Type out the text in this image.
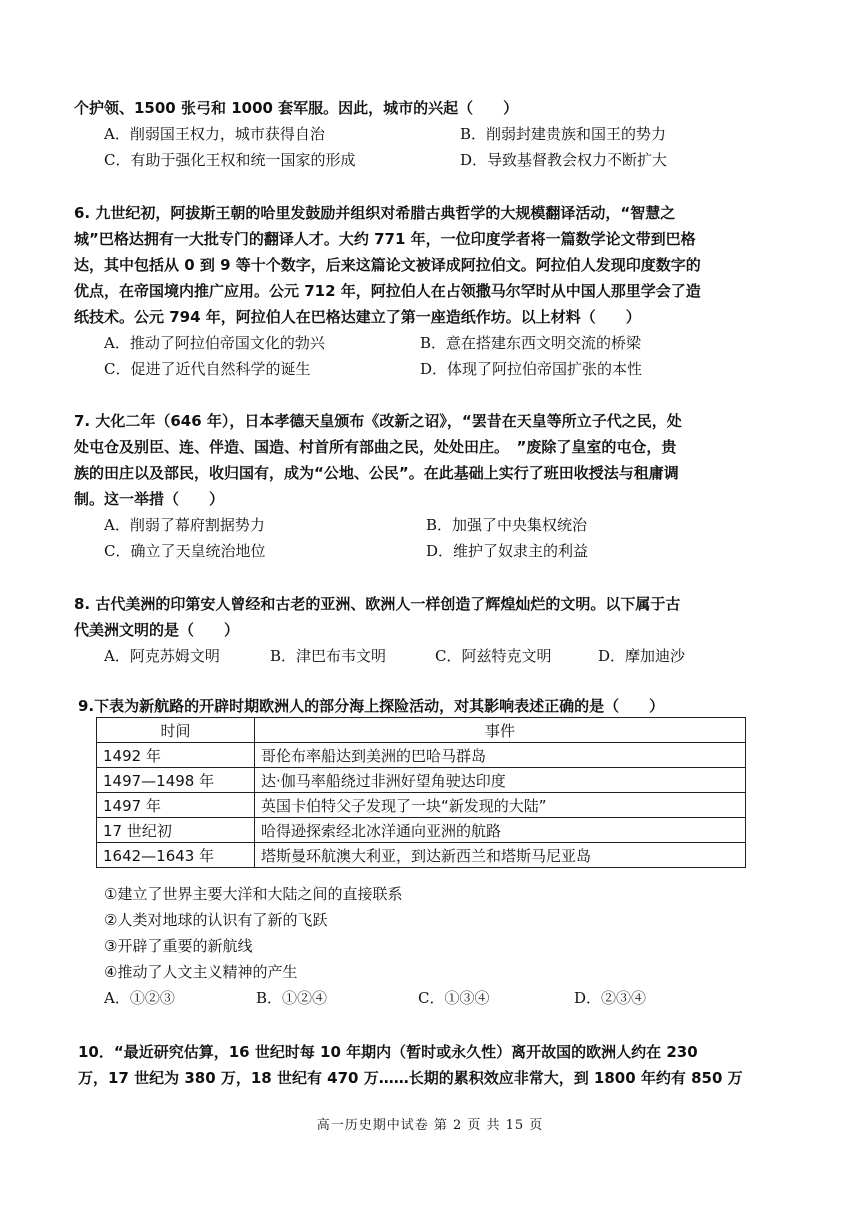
个护领、1500 张弓和 1000 套军服。因此，城市的兴起（　　）
A．削弱国王权力，城市获得自治	B．削弱封建贵族和国王的势力
C．有助于强化王权和统一国家的形成	D．导致基督教会权力不断扩大
6. 九世纪初，阿拔斯王朝的哈里发鼓励并组织对希腊古典哲学的大规模翻译活动，“智慧之
城”巴格达拥有一大批专门的翻译人才。大约 771 年，一位印度学者将一篇数学论文带到巴格
达，其中包括从 0 到 9 等十个数字，后来这篇论文被译成阿拉伯文。阿拉伯人发现印度数字的
优点，在帝国境内推广应用。公元 712 年，阿拉伯人在占领撒马尔罕时从中国人那里学会了造
纸技术。公元 794 年，阿拉伯人在巴格达建立了第一座造纸作坊。以上材料（　　）
A．推动了阿拉伯帝国文化的勃兴	B．意在搭建东西文明交流的桥梁
C．促进了近代自然科学的诞生	D．体现了阿拉伯帝国扩张的本性
7. 大化二年（646 年），日本孝德天皇颁布《改新之诏》，“罢昔在天皇等所立子代之民，处
处屯仓及别臣、连、伴造、国造、村首所有部曲之民，处处田庄。　”废除了皇室的屯仓，贵
族的田庄以及部民，收归国有，成为“公地、公民”。在此基础上实行了班田收授法与租庸调
制。这一举措（　　）
A．削弱了幕府割据势力	B．加强了中央集权统治
C．确立了天皇统治地位	D．维护了奴隶主的利益
8. 古代美洲的印第安人曾经和古老的亚洲、欧洲人一样创造了辉煌灿烂的文明。以下属于古
代美洲文明的是（　　）
A．阿克苏姆文明	B．津巴布韦文明	C．阿兹特克文明	D．摩加迪沙
9.下表为新航路的开辟时期欧洲人的部分海上探险活动，对其影响表述正确的是（　　）
时间	事件
1492 年	哥伦布率船达到美洲的巴哈马群岛
1497—1498 年	达·伽马率船绕过非洲好望角驶达印度
1497 年	英国卡伯特父子发现了一块“新发现的大陆”
17 世纪初	哈得逊探索经北冰洋通向亚洲的航路
1642—1643 年	塔斯曼环航澳大利亚，到达新西兰和塔斯马尼亚岛
①建立了世界主要大洋和大陆之间的直接联系
②人类对地球的认识有了新的飞跃
③开辟了重要的新航线
④推动了人文主义精神的产生
A．①②③	B．①②④	C．①③④	D．②③④
10．“最近研究估算，16 世纪时每 10 年期内（暂时或永久性）离开故国的欧洲人约在 230
万，17 世纪为 380 万，18 世纪有 470 万……长期的累积效应非常大，到 1800 年约有 850 万
高一历史期中试卷 第 2 页 共 15 页
